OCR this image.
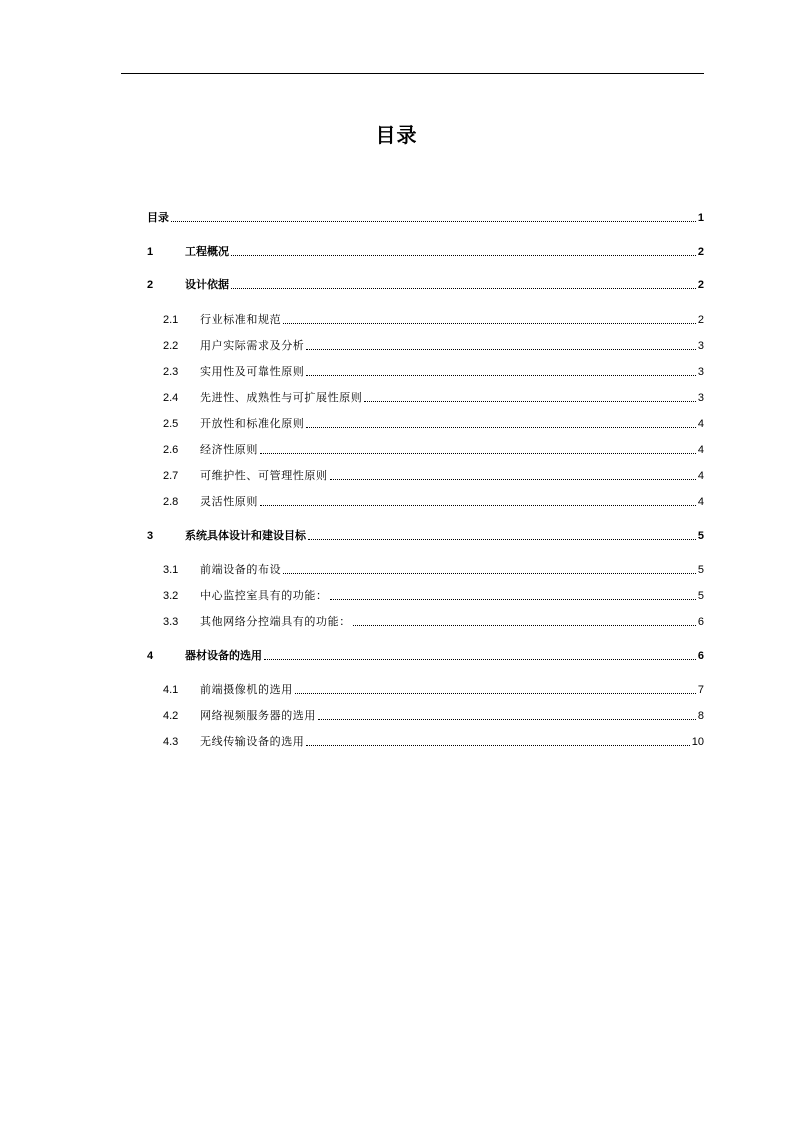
目录
目录	1
1	工程概况	2
2	设计依据	2
2.1	行业标准和规范	2
2.2	用户实际需求及分析	3
2.3	实用性及可靠性原则	3
2.4	先进性、成熟性与可扩展性原则	3
2.5	开放性和标准化原则	4
2.6	经济性原则	4
2.7	可维护性、可管理性原则	4
2.8	灵活性原则	4
3	系统具体设计和建设目标	5
3.1	前端设备的布设	5
3.2	中心监控室具有的功能：	5
3.3	其他网络分控端具有的功能：	6
4	器材设备的选用	6
4.1	前端摄像机的选用	7
4.2	网络视频服务器的选用	8
4.3	无线传输设备的选用	10
